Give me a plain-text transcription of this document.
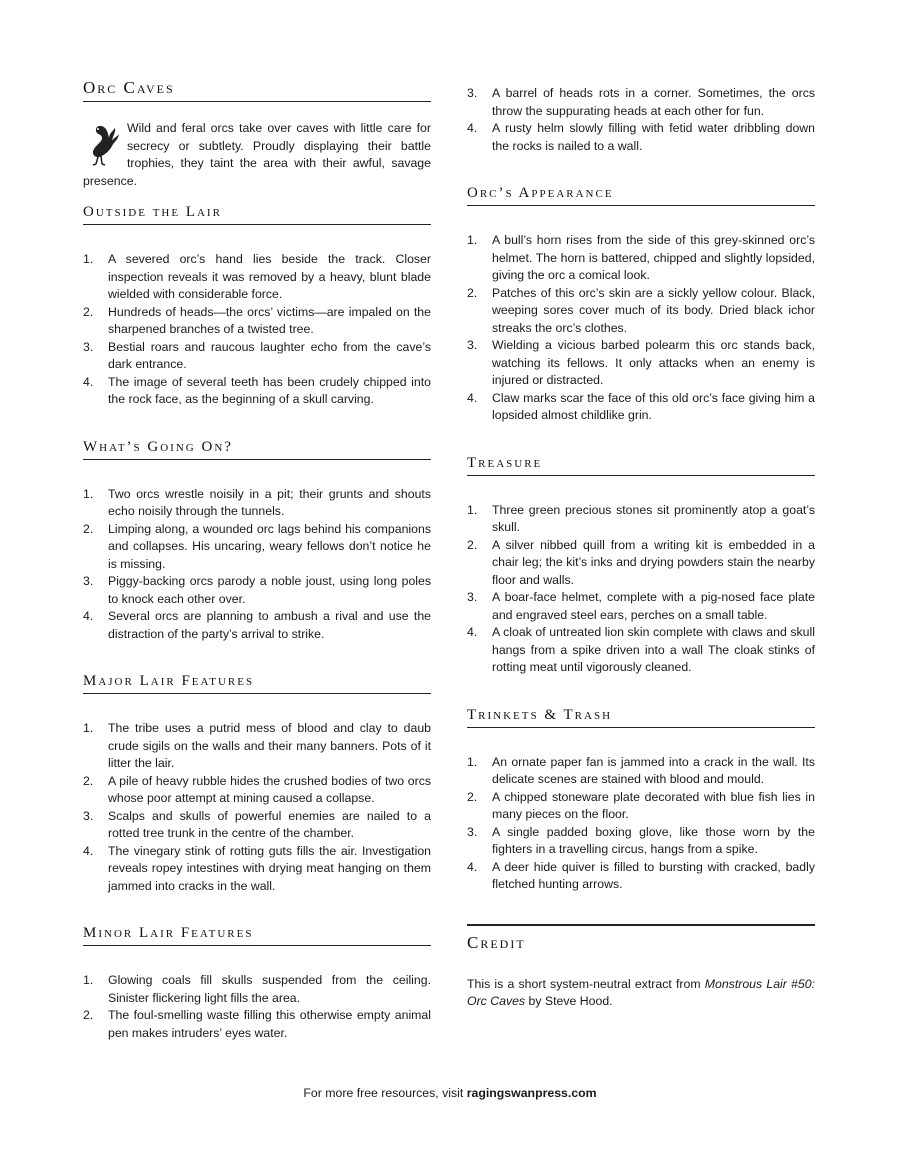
Orc Caves

Wild and feral orcs take over caves with little care for secrecy or subtlety. Proudly displaying their battle trophies, they taint the area with their awful, savage presence.

Outside the Lair
1. A severed orc’s hand lies beside the track. Closer inspection reveals it was removed by a heavy, blunt blade wielded with considerable force.
2. Hundreds of heads—the orcs’ victims—are impaled on the sharpened branches of a twisted tree.
3. Bestial roars and raucous laughter echo from the cave’s dark entrance.
4. The image of several teeth has been crudely chipped into the rock face, as the beginning of a skull carving.
What’s Going On?
1. Two orcs wrestle noisily in a pit; their grunts and shouts echo noisily through the tunnels.
2. Limping along, a wounded orc lags behind his companions and collapses. His uncaring, weary fellows don’t notice he is missing.
3. Piggy-backing orcs parody a noble joust, using long poles to knock each other over.
4. Several orcs are planning to ambush a rival and use the distraction of the party’s arrival to strike.
Major Lair Features
1. The tribe uses a putrid mess of blood and clay to daub crude sigils on the walls and their many banners. Pots of it litter the lair.
2. A pile of heavy rubble hides the crushed bodies of two orcs whose poor attempt at mining caused a collapse.
3. Scalps and skulls of powerful enemies are nailed to a rotted tree trunk in the centre of the chamber.
4. The vinegary stink of rotting guts fills the air. Investigation reveals ropey intestines with drying meat hanging on them jammed into cracks in the wall.
Minor Lair Features
1. Glowing coals fill skulls suspended from the ceiling. Sinister flickering light fills the area.
2. The foul-smelling waste filling this otherwise empty animal pen makes intruders’ eyes water.
3. A barrel of heads rots in a corner. Sometimes, the orcs throw the suppurating heads at each other for fun.
4. A rusty helm slowly filling with fetid water dribbling down the rocks is nailed to a wall.
Orc’s Appearance
1. A bull’s horn rises from the side of this grey-skinned orc’s helmet. The horn is battered, chipped and slightly lopsided, giving the orc a comical look.
2. Patches of this orc’s skin are a sickly yellow colour. Black, weeping sores cover much of its body. Dried black ichor streaks the orc’s clothes.
3. Wielding a vicious barbed polearm this orc stands back, watching its fellows. It only attacks when an enemy is injured or distracted.
4. Claw marks scar the face of this old orc’s face giving him a lopsided almost childlike grin.
Treasure
1. Three green precious stones sit prominently atop a goat’s skull.
2. A silver nibbed quill from a writing kit is embedded in a chair leg; the kit’s inks and drying powders stain the nearby floor and walls.
3. A boar-face helmet, complete with a pig-nosed face plate and engraved steel ears, perches on a small table.
4. A cloak of untreated lion skin complete with claws and skull hangs from a spike driven into a wall The cloak stinks of rotting meat until vigorously cleaned.
Trinkets & Trash
1. An ornate paper fan is jammed into a crack in the wall. Its delicate scenes are stained with blood and mould.
2. A chipped stoneware plate decorated with blue fish lies in many pieces on the floor.
3. A single padded boxing glove, like those worn by the fighters in a travelling circus, hangs from a spike.
4. A deer hide quiver is filled to bursting with cracked, badly fletched hunting arrows.
Credit

This is a short system-neutral extract from Monstrous Lair #50: Orc Caves by Steve Hood.

For more free resources, visit ragingswanpress.com
